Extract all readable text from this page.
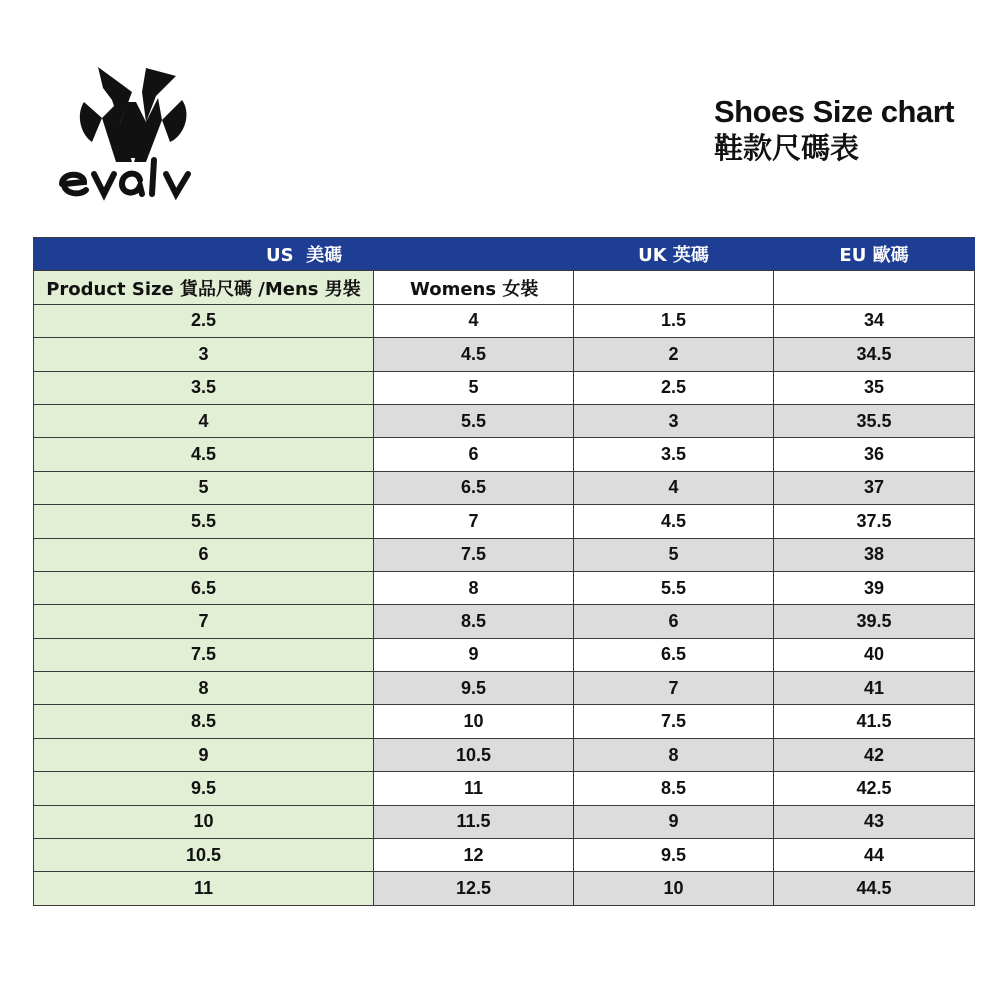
Shoes Size chart
鞋款尺碼表
US  美碼		UK 英碼	EU 歐碼
Product Size 貨品尺碼 /Mens 男裝	Womens 女裝		
2.5	4	1.5	34
3	4.5	2	34.5
3.5	5	2.5	35
4	5.5	3	35.5
4.5	6	3.5	36
5	6.5	4	37
5.5	7	4.5	37.5
6	7.5	5	38
6.5	8	5.5	39
7	8.5	6	39.5
7.5	9	6.5	40
8	9.5	7	41
8.5	10	7.5	41.5
9	10.5	8	42
9.5	11	8.5	42.5
10	11.5	9	43
10.5	12	9.5	44
11	12.5	10	44.5
